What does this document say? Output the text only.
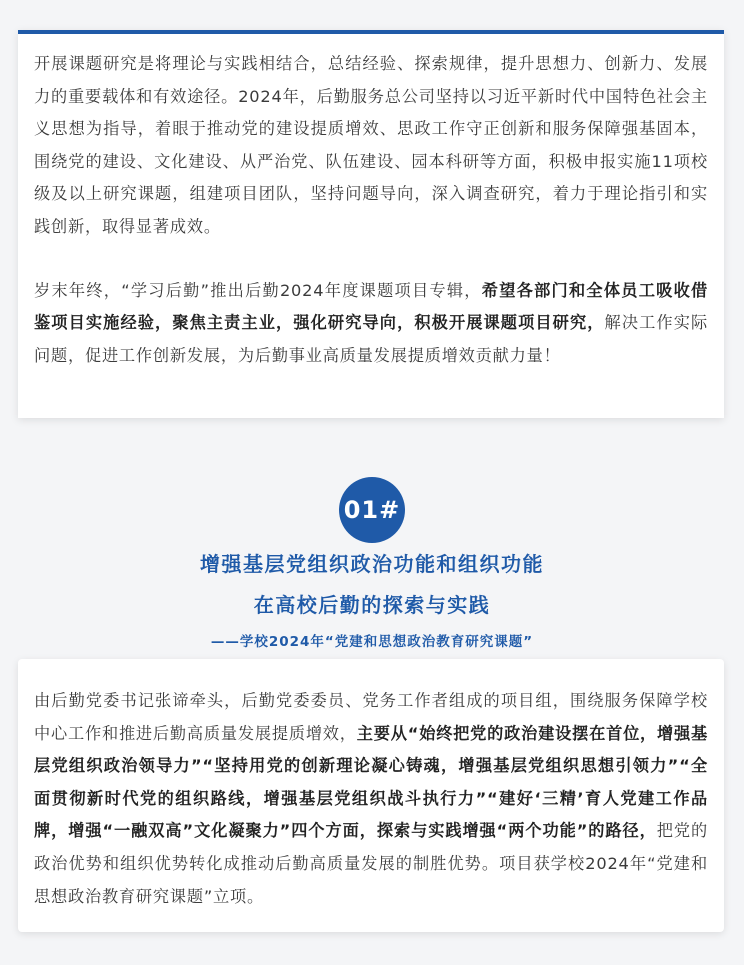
开展课题研究是将理论与实践相结合，总结经验、探索规律，提升思想力、创新力、发展力的重要载体和有效途径。2024年，后勤服务总公司坚持以习近平新时代中国特色社会主义思想为指导，着眼于推动党的建设提质增效、思政工作守正创新和服务保障强基固本，围绕党的建设、文化建设、从严治党、队伍建设、园本科研等方面，积极申报实施11项校级及以上研究课题，组建项目团队，坚持问题导向，深入调查研究，着力于理论指引和实践创新，取得显著成效。

岁末年终，“学习后勤”推出后勤2024年度课题项目专辑，希望各部门和全体员工吸收借鉴项目实施经验，聚焦主责主业，强化研究导向，积极开展课题项目研究，解决工作实际问题，促进工作创新发展，为后勤事业高质量发展提质增效贡献力量！

01#
增强基层党组织政治功能和组织功能
在高校后勤的探索与实践
——学校2024年“党建和思想政治教育研究课题”

由后勤党委书记张谛牵头，后勤党委委员、党务工作者组成的项目组，围绕服务保障学校中心工作和推进后勤高质量发展提质增效，主要从“始终把党的政治建设摆在首位，增强基层党组织政治领导力”“坚持用党的创新理论凝心铸魂，增强基层党组织思想引领力”“全面贯彻新时代党的组织路线，增强基层党组织战斗执行力”“建好‘三精’育人党建工作品牌，增强“一融双高”文化凝聚力”四个方面，探索与实践增强“两个功能”的路径，把党的政治优势和组织优势转化成推动后勤高质量发展的制胜优势。项目获学校2024年“党建和思想政治教育研究课题”立项。
